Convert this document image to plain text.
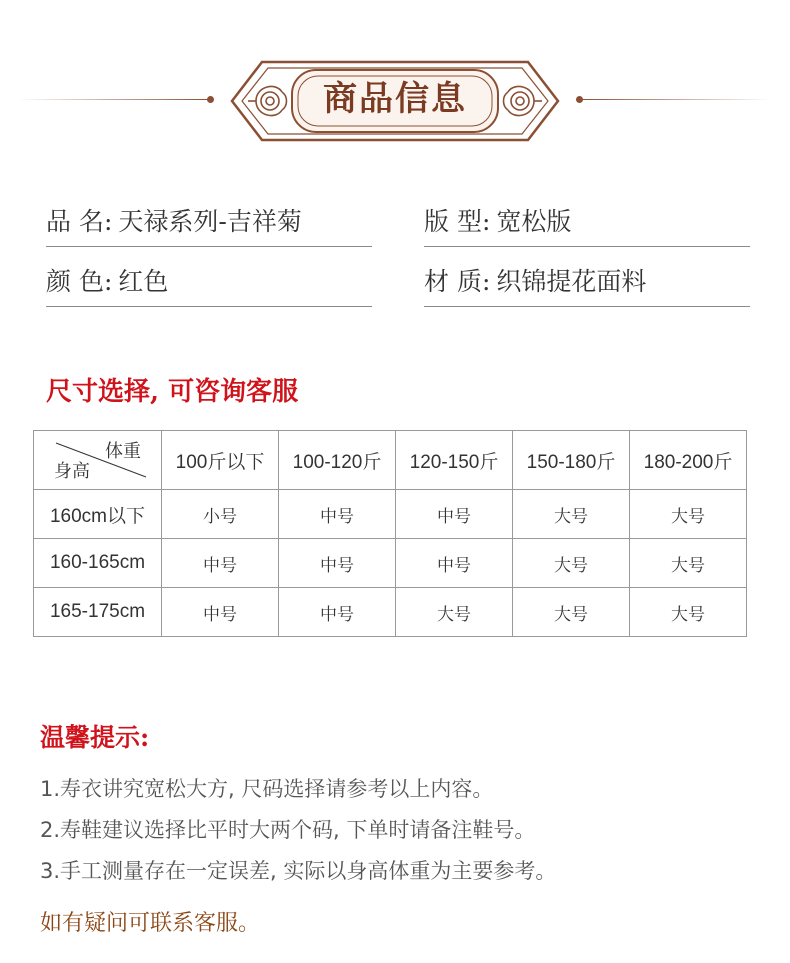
商品信息
品 名: 天禄系列-吉祥菊	版 型: 宽松版
颜 色: 红色	材 质: 织锦提花面料
尺寸选择, 可咨询客服
体重
身高	100斤以下	100-120斤	120-150斤	150-180斤	180-200斤
160cm以下	小号	中号	中号	大号	大号
160-165cm	中号	中号	中号	大号	大号
165-175cm	中号	中号	大号	大号	大号
温馨提示:
1.寿衣讲究宽松大方, 尺码选择请参考以上内容。
2.寿鞋建议选择比平时大两个码, 下单时请备注鞋号。
3.手工测量存在一定误差, 实际以身高体重为主要参考。
如有疑问可联系客服。
